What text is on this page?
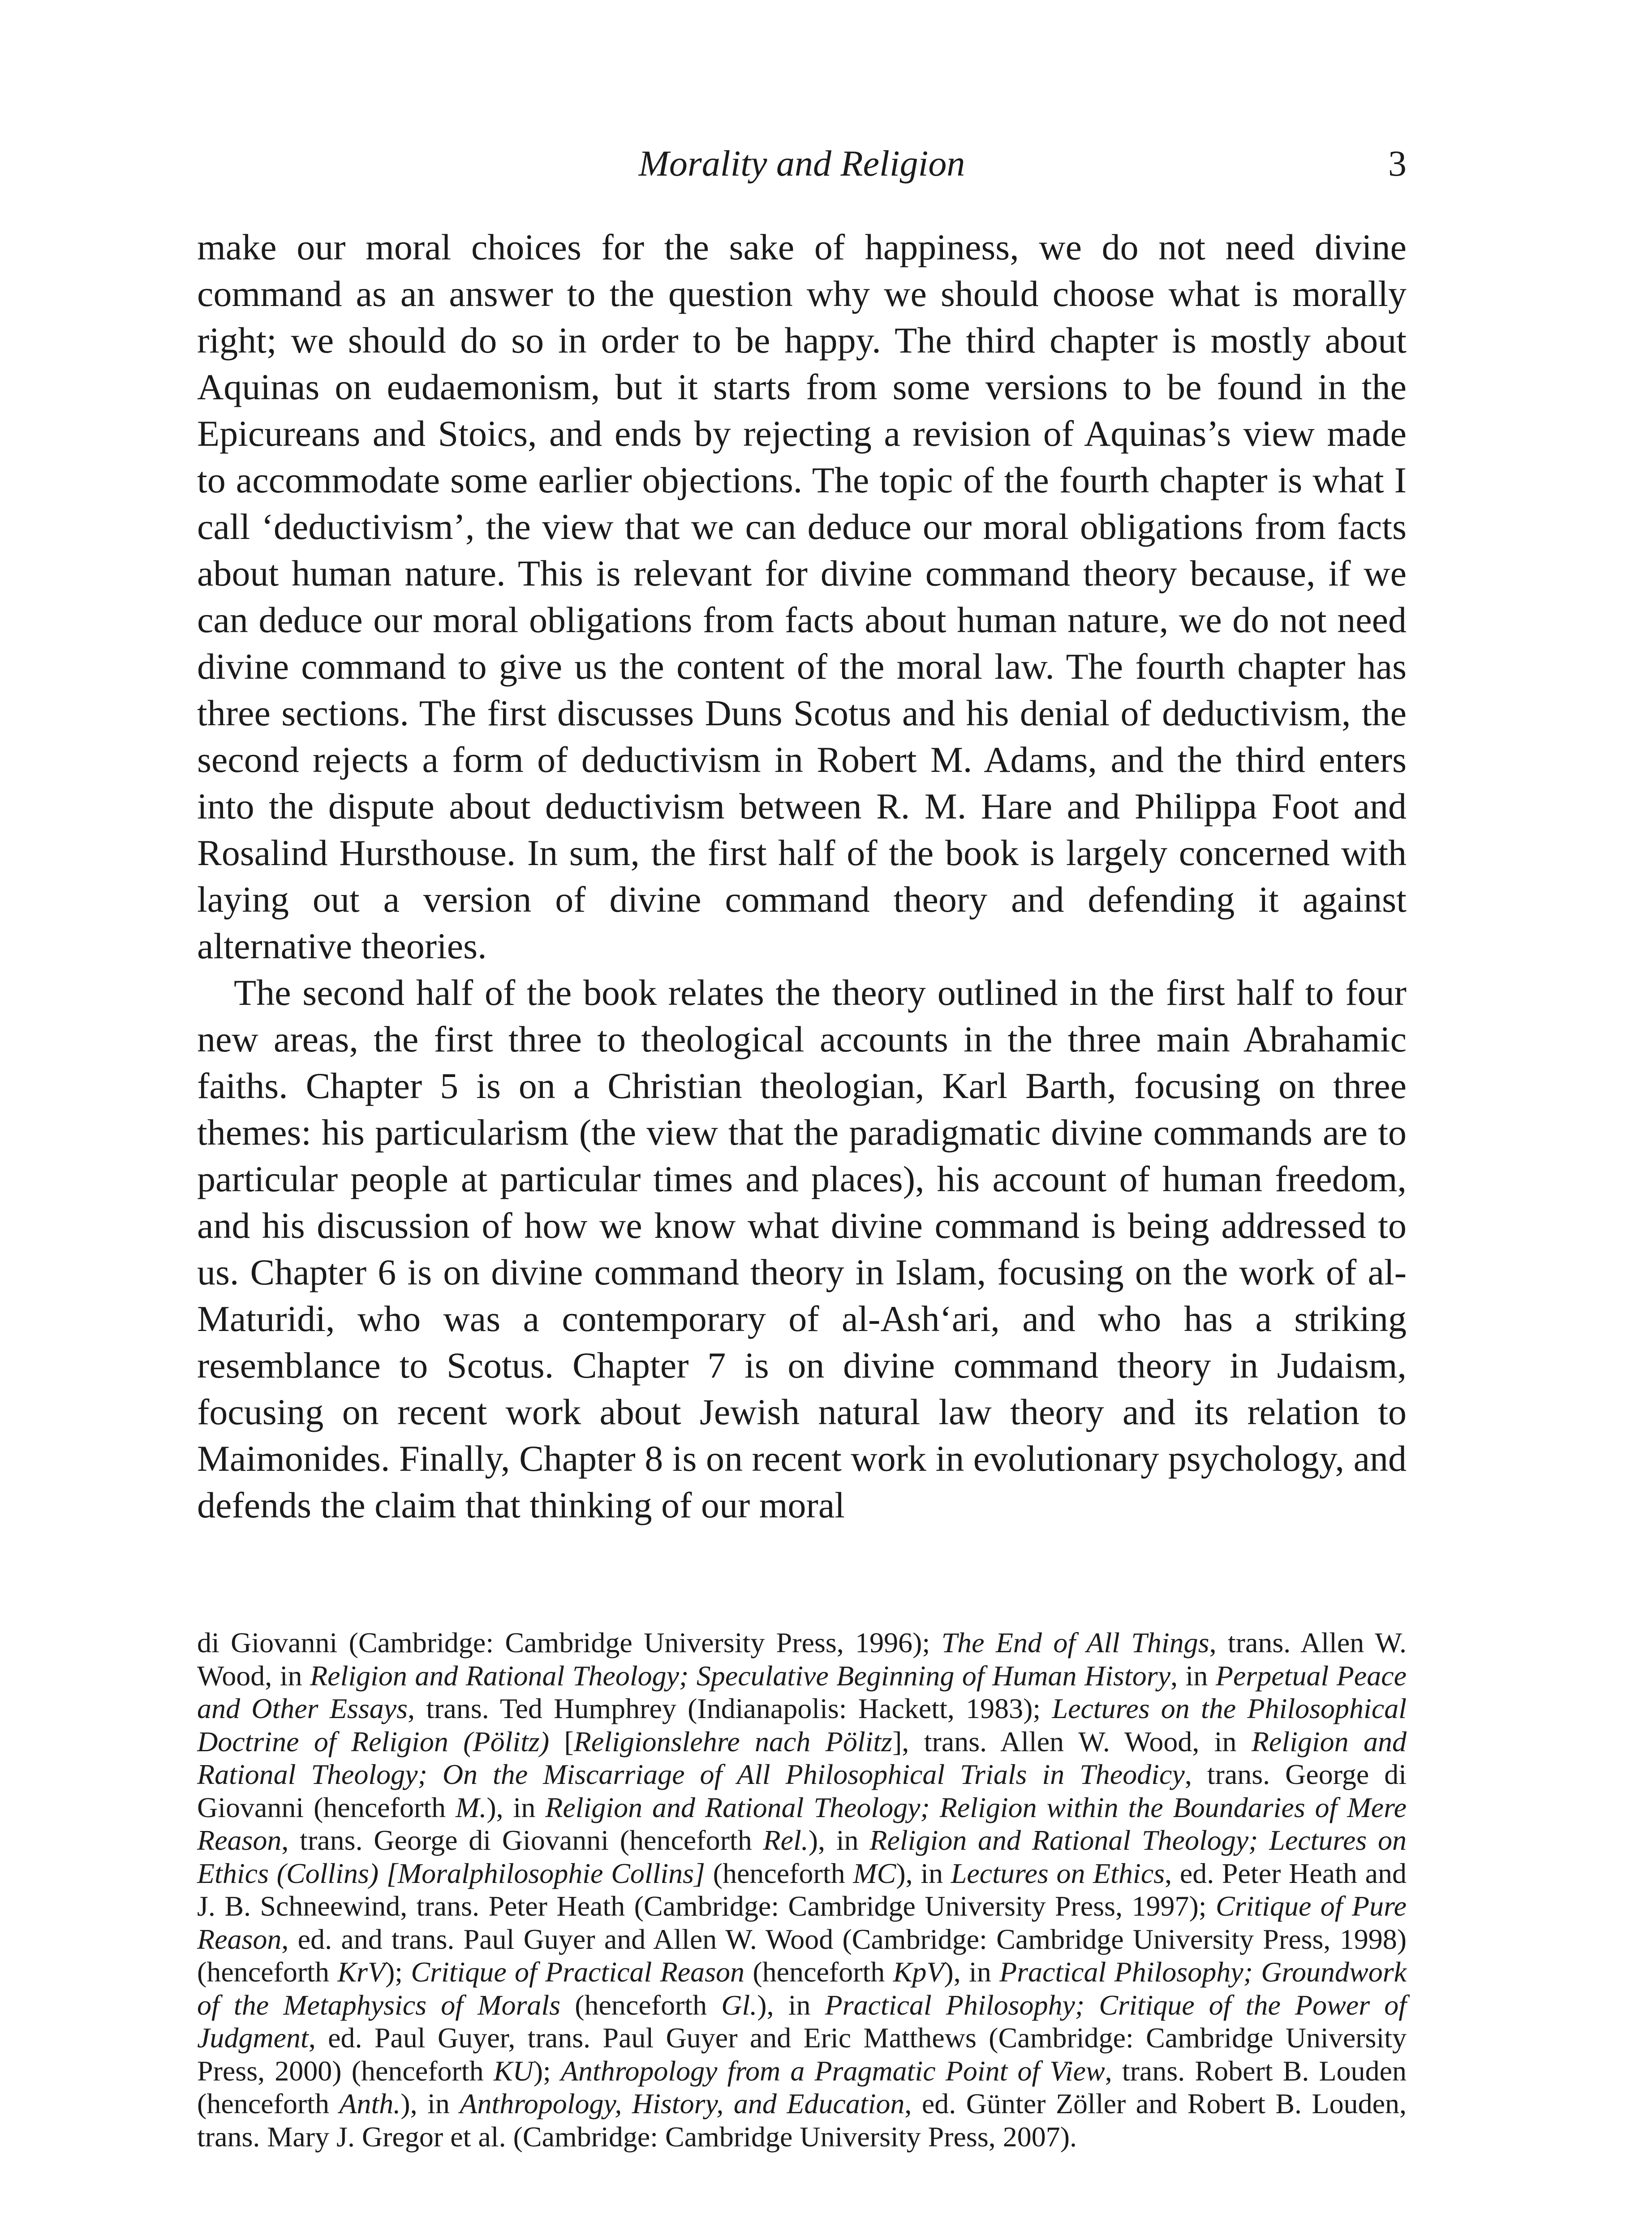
Morality and Religion	3

make our moral choices for the sake of happiness, we do not need divine command as an answer to the question why we should choose what is morally right; we should do so in order to be happy. The third chapter is mostly about Aquinas on eudaemonism, but it starts from some versions to be found in the Epicureans and Stoics, and ends by rejecting a revision of Aquinas’s view made to accommodate some earlier objections. The topic of the fourth chapter is what I call ‘deductivism’, the view that we can deduce our moral obligations from facts about human nature. This is relevant for divine command theory because, if we can deduce our moral obligations from facts about human nature, we do not need divine command to give us the content of the moral law. The fourth chapter has three sections. The first discusses Duns Scotus and his denial of deductivism, the second rejects a form of deductivism in Robert M. Adams, and the third enters into the dispute about deductivism between R. M. Hare and Philippa Foot and Rosalind Hursthouse. In sum, the first half of the book is largely concerned with laying out a version of divine command theory and defending it against alternative theories.

The second half of the book relates the theory outlined in the first half to four new areas, the first three to theological accounts in the three main Abrahamic faiths. Chapter 5 is on a Christian theologian, Karl Barth, focusing on three themes: his particularism (the view that the paradigmatic divine commands are to particular people at particular times and places), his account of human freedom, and his discussion of how we know what divine command is being addressed to us. Chapter 6 is on divine command theory in Islam, focusing on the work of al-Maturidi, who was a contemporary of al-Ash‘ari, and who has a striking resemblance to Scotus. Chapter 7 is on divine command theory in Judaism, focusing on recent work about Jewish natural law theory and its relation to Maimonides. Finally, Chapter 8 is on recent work in evolutionary psychology, and defends the claim that thinking of our moral

di Giovanni (Cambridge: Cambridge University Press, 1996); The End of All Things, trans. Allen W. Wood, in Religion and Rational Theology; Speculative Beginning of Human History, in Perpetual Peace and Other Essays, trans. Ted Humphrey (Indianapolis: Hackett, 1983); Lectures on the Philosophical Doctrine of Religion (Pölitz) [Religionslehre nach Pölitz], trans. Allen W. Wood, in Religion and Rational Theology; On the Miscarriage of All Philosophical Trials in Theodicy, trans. George di Giovanni (henceforth M.), in Religion and Rational Theology; Religion within the Boundaries of Mere Reason, trans. George di Giovanni (henceforth Rel.), in Religion and Rational Theology; Lectures on Ethics (Collins) [Moralphilosophie Collins] (henceforth MC), in Lectures on Ethics, ed. Peter Heath and J. B. Schneewind, trans. Peter Heath (Cambridge: Cambridge University Press, 1997); Critique of Pure Reason, ed. and trans. Paul Guyer and Allen W. Wood (Cambridge: Cambridge University Press, 1998) (henceforth KrV); Critique of Practical Reason (henceforth KpV), in Practical Philosophy; Groundwork of the Metaphysics of Morals (henceforth Gl.), in Practical Philosophy; Critique of the Power of Judgment, ed. Paul Guyer, trans. Paul Guyer and Eric Matthews (Cambridge: Cambridge University Press, 2000) (henceforth KU); Anthropology from a Pragmatic Point of View, trans. Robert B. Louden (henceforth Anth.), in Anthropology, History, and Education, ed. Günter Zöller and Robert B. Louden, trans. Mary J. Gregor et al. (Cambridge: Cambridge University Press, 2007).
